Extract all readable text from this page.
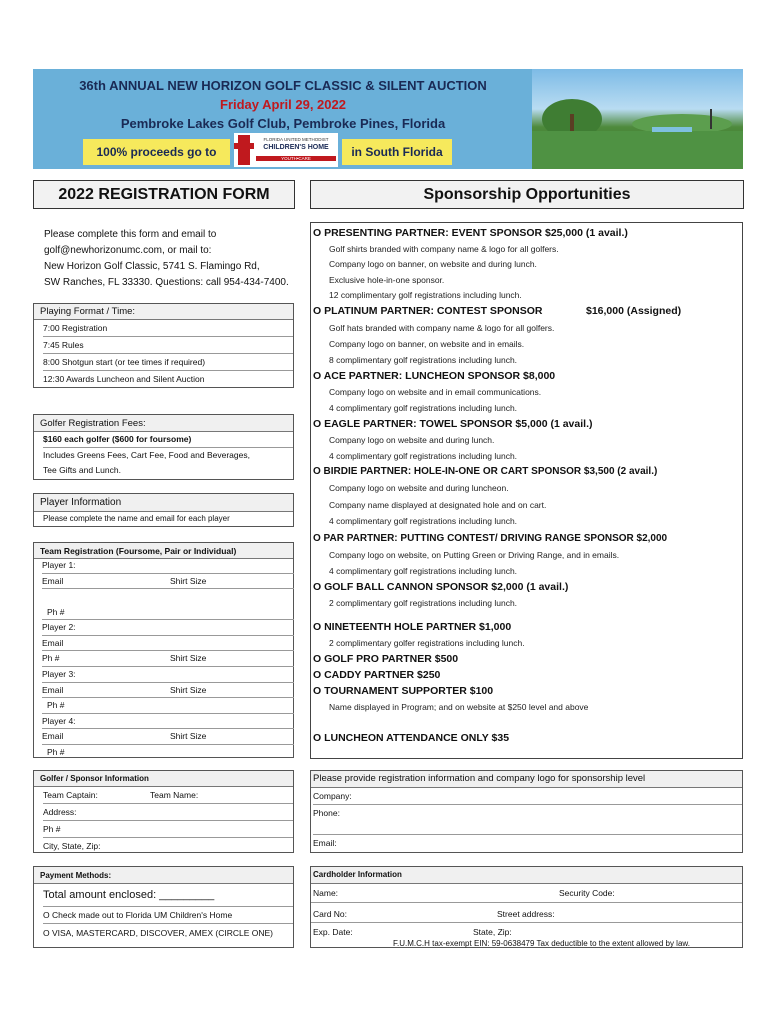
36th ANNUAL NEW HORIZON GOLF CLASSIC & SILENT AUCTION
Friday April 29, 2022
Pembroke Lakes Golf Club, Pembroke Pines, Florida
100% proceeds go to
FLORIDA UNITED METHODIST
CHILDREN'S HOME
YOUTH•CARE	in South Florida
2022 REGISTRATION FORM	Sponsorship Opportunities
Please complete this form and email to
golf@newhorizonumc.com, or mail to:
New Horizon Golf Classic, 5741 S. Flamingo Rd,
SW Ranches, FL 33330. Questions: call 954-434-7400.
Playing Format / Time:
7:00 Registration
7:45 Rules
8:00 Shotgun start (or tee times if required)
12:30 Awards Luncheon and Silent Auction
Golfer Registration Fees:
$160 each golfer ($600 for foursome)
Includes Greens Fees, Cart Fee, Food and Beverages,
Tee Gifts and Lunch.
Player Information
Please complete the name and email for each player
Team Registration (Foursome, Pair or Individual)
Player 1:
Email	Shirt Size
Ph #
Player 2:
Email
Ph #	Shirt Size
Player 3:
Email	Shirt Size
Ph #
Player 4:
Email	Shirt Size
Ph #
O PRESENTING PARTNER: EVENT SPONSOR $25,000 (1 avail.)
Golf shirts branded with company name & logo for all golfers.
Company logo on banner, on website and during lunch.
Exclusive hole-in-one sponsor.
12 complimentary golf registrations including lunch.
O PLATINUM PARTNER: CONTEST SPONSOR	$16,000 (Assigned)
Golf hats branded with company name & logo for all golfers.
Company logo on banner, on website and in emails.
8 complimentary golf registrations including lunch.
O ACE PARTNER: LUNCHEON SPONSOR $8,000
Company logo on website and in email communications.
4 complimentary golf registrations including lunch.
O EAGLE PARTNER: TOWEL SPONSOR $5,000 (1 avail.)
Company logo on website and during lunch.
4 complimentary golf registrations including lunch.
O BIRDIE PARTNER: HOLE-IN-ONE OR CART SPONSOR $3,500 (2 avail.)
Company logo on website and during luncheon.
Company name displayed at designated hole and on cart.
4 complimentary golf registrations including lunch.
O PAR PARTNER: PUTTING CONTEST/ DRIVING RANGE SPONSOR $2,000
Company logo on website, on Putting Green or Driving Range, and in emails.
4 complimentary golf registrations including lunch.
O GOLF BALL CANNON SPONSOR $2,000 (1 avail.)
2 complimentary golf registrations including lunch.
O NINETEENTH HOLE PARTNER $1,000
2 complimentary golfer registrations including lunch.
O GOLF PRO PARTNER $500
O CADDY PARTNER $250
O TOURNAMENT SUPPORTER $100
Name displayed in Program; and on website at $250 level and above
O LUNCHEON ATTENDANCE ONLY $35
Golfer / Sponsor Information
Team Captain:	Team Name:
Address:
Ph #
City, State, Zip:
Please provide registration information and company logo for sponsorship level
Company:
Phone:
Email:
Payment Methods:
Total amount enclosed: _________
O Check made out to Florida UM Children's Home
O VISA, MASTERCARD, DISCOVER, AMEX (CIRCLE ONE)
Cardholder Information
Name:	Security Code:
Card No:	Street address:
Exp. Date:	State, Zip:
F.U.M.C.H tax-exempt EIN: 59-0638479 Tax deductible to the extent allowed by law.
